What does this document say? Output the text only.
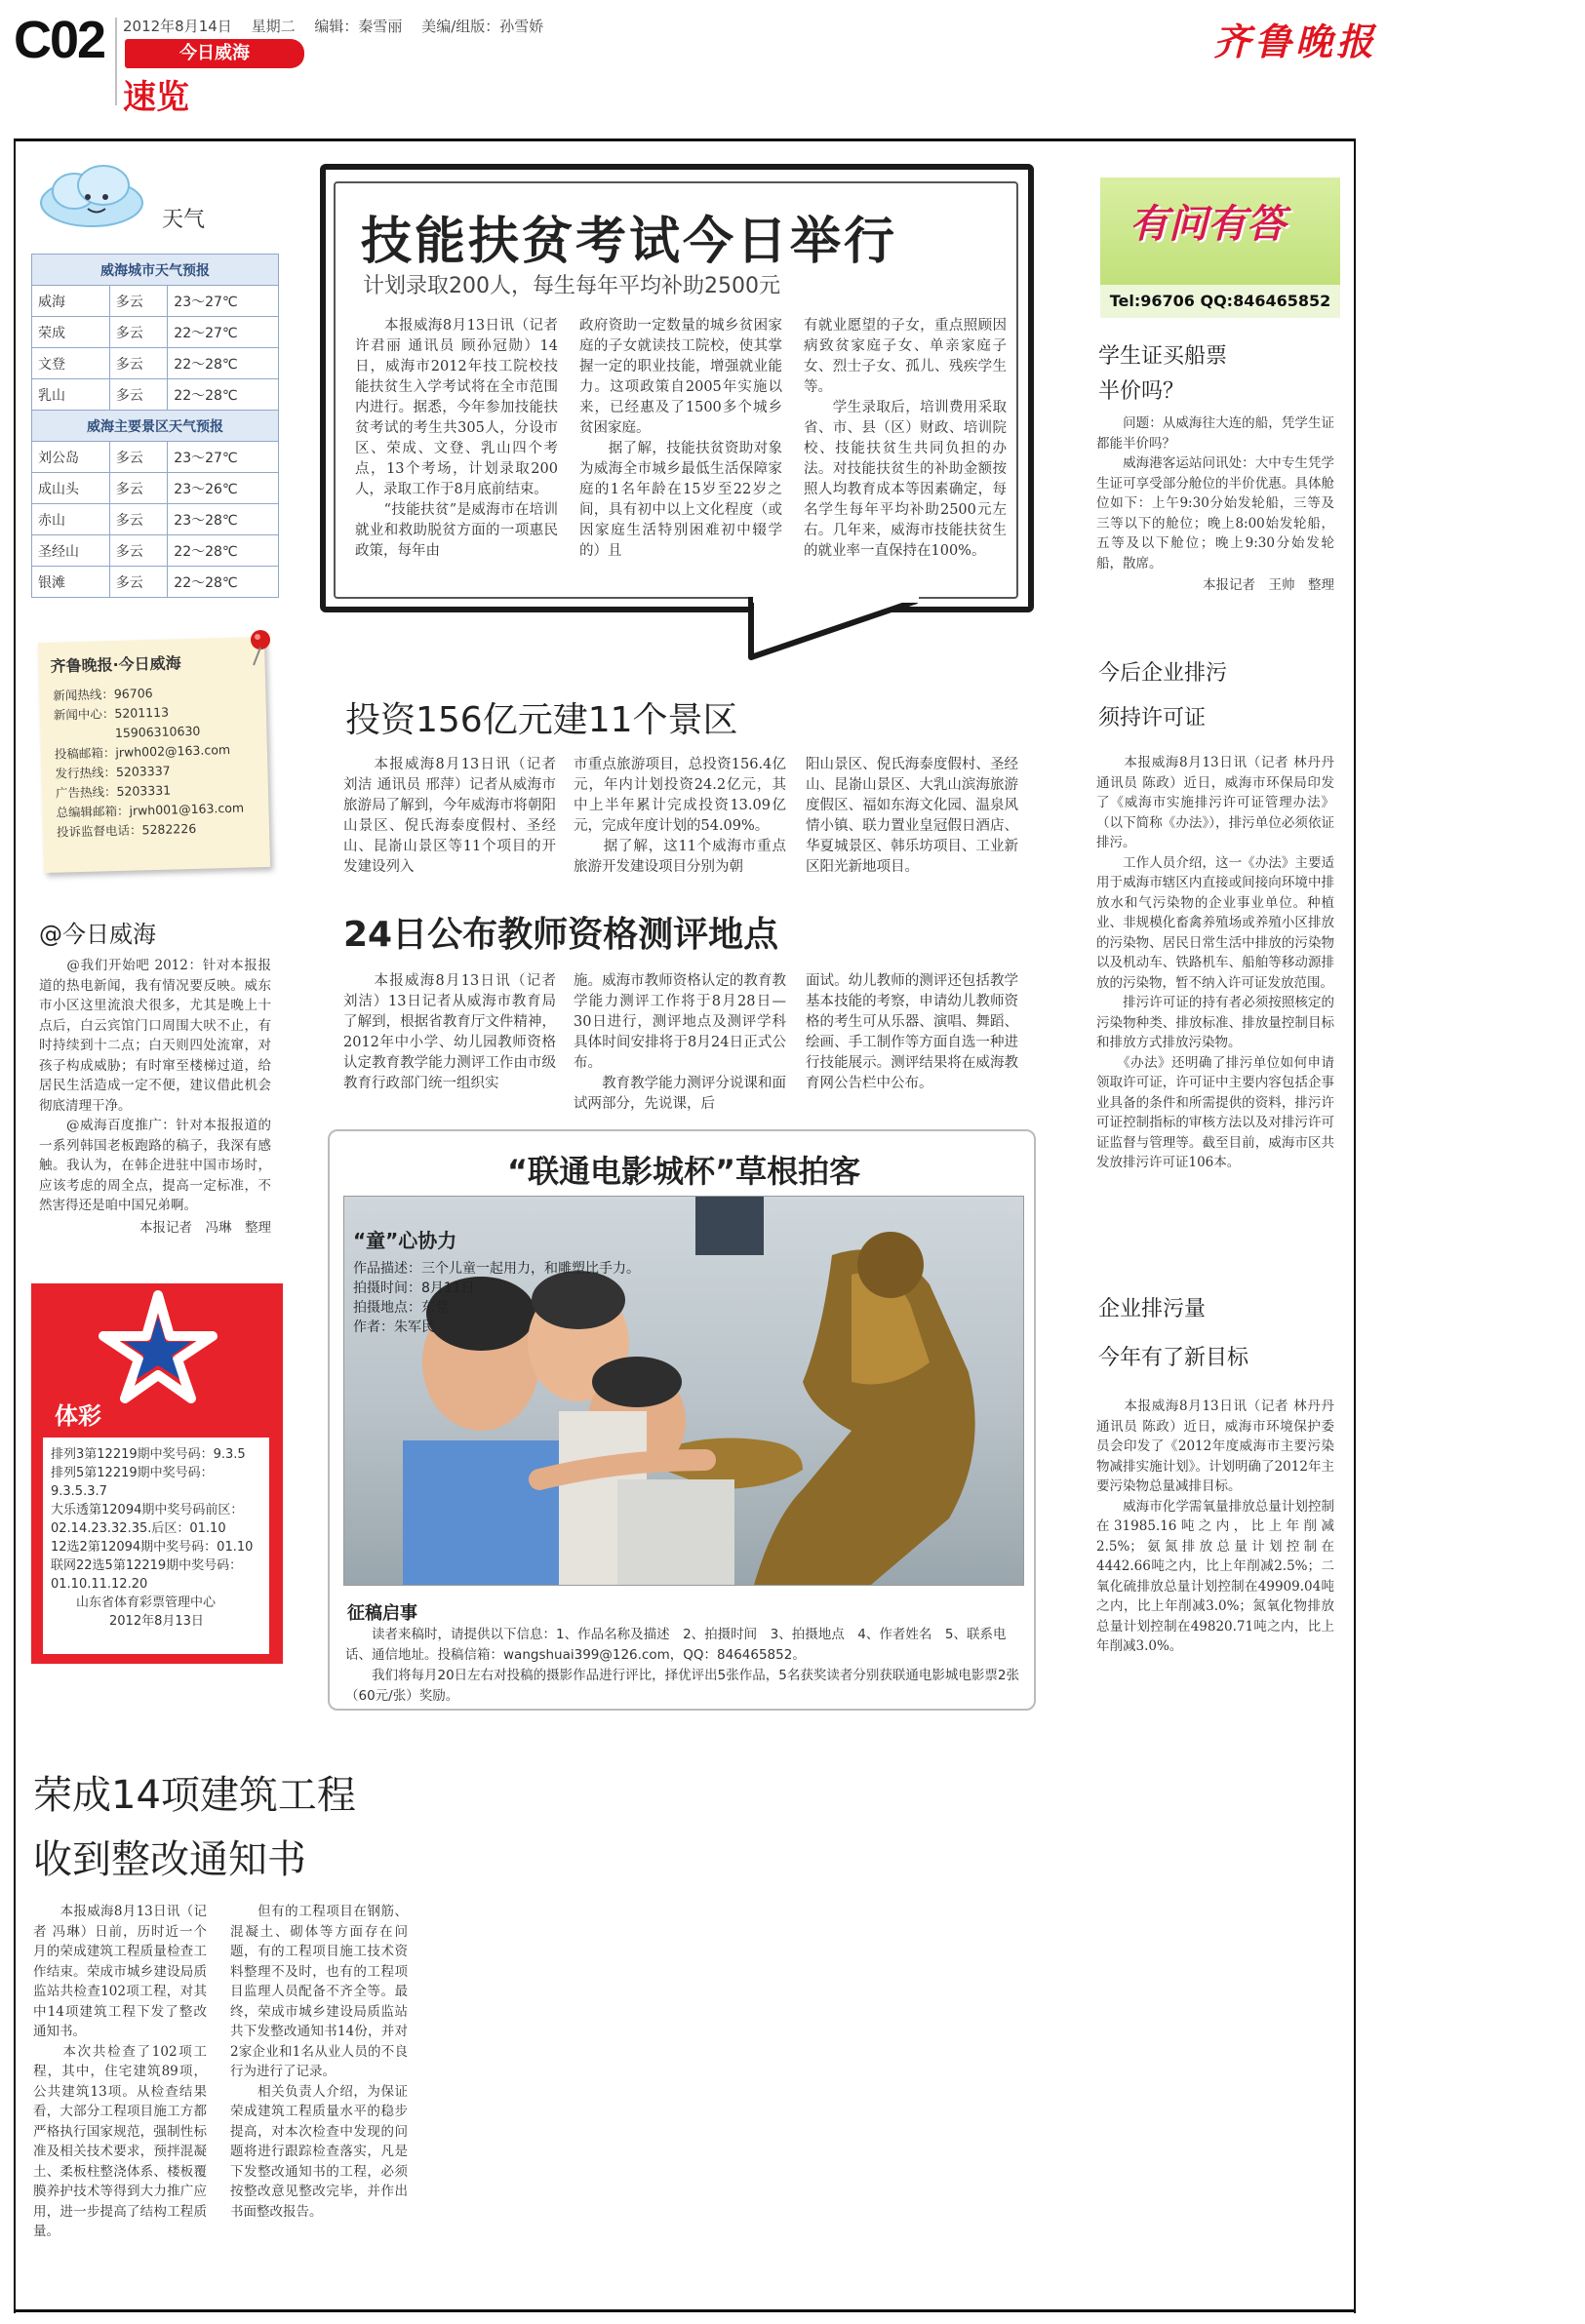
C02 2012年8月14日　 星期二　 编辑：秦雪丽　 美编/组版：孙雪娇
今日威海
速览
齐鲁晚报
天气
威海城市天气预报		
威海	多云	23～27℃
荣成	多云	22～27℃
文登	多云	22～28℃
乳山	多云	22～28℃
威海主要景区天气预报		
刘公岛	多云	23～27℃
成山头	多云	23～26℃
赤山	多云	23～28℃
圣经山	多云	22～28℃
银滩	多云	22～28℃
齐鲁晚报·今日威海
新闻热线：96706
新闻中心：5201113
　　　　　15906310630
投稿邮箱：jrwh002@163.com
发行热线：5203337
广告热线：5203331
总编辑邮箱：jrwh001@163.com
投诉监督电话：5282226
@今日威海
　　@我们开始吧 2012：针对本报报道的热电新闻，我有情况要反映。威东市小区这里流浪犬很多，尤其是晚上十点后，白云宾馆门口周围大吠不止，有时持续到十二点；白天则四处流窜，对孩子构成威胁；有时窜至楼梯过道，给居民生活造成一定不便，建议借此机会彻底清理干净。
　　@威海百度推广：针对本报报道的一系列韩国老板跑路的稿子，我深有感触。我认为，在韩企进驻中国市场时，应该考虑的周全点，提高一定标准，不然害得还是咱中国兄弟啊。
本报记者　冯琳　整理
体彩
排列3第12219期中奖号码：9.3.5
排列5第12219期中奖号码：9.3.5.3.7
大乐透第12094期中奖号码前区：02.14.23.32.35.后区：01.10
12选2第12094期中奖号码：01.10
联网22选5第12219期中奖号码：01.10.11.12.20
山东省体育彩票管理中心
2012年8月13日
技能扶贫考试今日举行
计划录取200人，每生每年平均补助2500元
　　本报威海8月13日讯（记者 许君丽 通讯员 顾孙冠勋）14日，威海市2012年技工院校技能扶贫生入学考试将在全市范围内进行。据悉，今年参加技能扶贫考试的考生共305人，分设市区、荣成、文登、乳山四个考点，13个考场，计划录取200人，录取工作于8月底前结束。
　　“技能扶贫”是威海市在培训就业和救助脱贫方面的一项惠民政策，每年由
政府资助一定数量的城乡贫困家庭的子女就读技工院校，使其掌握一定的职业技能，增强就业能力。这项政策自2005年实施以来，已经惠及了1500多个城乡贫困家庭。
　　据了解，技能扶贫资助对象为威海全市城乡最低生活保障家庭的1名年龄在15岁至22岁之间，具有初中以上文化程度（或因家庭生活特别困难初中辍学的）且
有就业愿望的子女，重点照顾因病致贫家庭子女、单亲家庭子女、烈士子女、孤儿、残疾学生等。
　　学生录取后，培训费用采取省、市、县（区）财政、培训院校、技能扶贫生共同负担的办法。对技能扶贫生的补助金额按照人均教育成本等因素确定，每名学生每年平均补助2500元左右。几年来，威海市技能扶贫生的就业率一直保持在100%。
投资156亿元建11个景区
　　本报威海8月13日讯（记者 刘洁 通讯员 邢萍）记者从威海市旅游局了解到，今年威海市将朝阳山景区、倪氏海泰度假村、圣经山、昆嵛山景区等11个项目的开发建设列入
市重点旅游项目，总投资156.4亿元，年内计划投资24.2亿元，其中上半年累计完成投资13.09亿元，完成年度计划的54.09%。
　　据了解，这11个威海市重点旅游开发建设项目分别为朝
阳山景区、倪氏海泰度假村、圣经山、昆嵛山景区、大乳山滨海旅游度假区、福如东海文化园、温泉风情小镇、联力置业皇冠假日酒店、华夏城景区、韩乐坊项目、工业新区阳光新地项目。
24日公布教师资格测评地点
　　本报威海8月13日讯（记者 刘洁）13日记者从威海市教育局了解到，根据省教育厅文件精神，2012年中小学、幼儿园教师资格认定教育教学能力测评工作由市级教育行政部门统一组织实
施。威海市教师资格认定的教育教学能力测评工作将于8月28日—30日进行，测评地点及测评学科具体时间安排将于8月24日正式公布。
　　教育教学能力测评分说课和面试两部分，先说课，后
面试。幼儿教师的测评还包括教学基本技能的考察，申请幼儿教师资格的考生可从乐器、演唱、舞蹈、绘画、手工制作等方面自选一种进行技能展示。测评结果将在威海教育网公告栏中公布。
“联通电影城杯”草根拍客
“童”心协力
作品描述：三个儿童一起用力，和雕塑比手力。
拍摄时间：8月11日
拍摄地点：东莞
作者：朱军民
征稿启事
　　读者来稿时，请提供以下信息：1、作品名称及描述　2、拍摄时间　3、拍摄地点　4、作者姓名　5、联系电话、通信地址。投稿信箱：wangshuai399@126.com，QQ：846465852。
　　我们将每月20日左右对投稿的摄影作品进行评比，择优评出5张作品，5名获奖读者分别获联通电影城电影票2张（60元/张）奖励。
有问有答
Tel:96706 QQ:846465852
学生证买船票
半价吗？
　　问题：从威海往大连的船，凭学生证都能半价吗？
　　威海港客运站问讯处：大中专生凭学生证可享受部分舱位的半价优惠。具体舱位如下：上午9:30分始发轮船，三等及三等以下的舱位；晚上8:00始发轮船，五等及以下舱位；晚上9:30分始发轮船，散席。
本报记者　王帅　整理
今后企业排污
须持许可证
　　本报威海8月13日讯（记者 林丹丹 通讯员 陈政）近日，威海市环保局印发了《威海市实施排污许可证管理办法》（以下简称《办法》），排污单位必须依证排污。
　　工作人员介绍，这一《办法》主要适用于威海市辖区内直接或间接向环境中排放水和气污染物的企业事业单位。种植业、非规模化畜禽养殖场或养殖小区排放的污染物、居民日常生活中排放的污染物以及机动车、铁路机车、船舶等移动源排放的污染物，暂不纳入许可证发放范围。
　　排污许可证的持有者必须按照核定的污染物种类、排放标准、排放量控制目标和排放方式排放污染物。
　　《办法》还明确了排污单位如何申请领取许可证，许可证中主要内容包括企事业具备的条件和所需提供的资料，排污许可证控制指标的审核方法以及对排污许可证监督与管理等。截至目前，威海市区共发放排污许可证106本。
企业排污量
今年有了新目标
　　本报威海8月13日讯（记者 林丹丹 通讯员 陈政）近日，威海市环境保护委员会印发了《2012年度威海市主要污染物减排实施计划》。计划明确了2012年主要污染物总量减排目标。
　　威海市化学需氧量排放总量计划控制在31985.16吨之内，比上年削减2.5%；氨氮排放总量计划控制在4442.66吨之内，比上年削减2.5%；二氧化硫排放总量计划控制在49909.04吨之内，比上年削减3.0%；氮氧化物排放总量计划控制在49820.71吨之内，比上年削减3.0%。
荣成14项建筑工程
收到整改通知书
　　本报威海8月13日讯（记者 冯琳）日前，历时近一个月的荣成建筑工程质量检查工作结束。荣成市城乡建设局质监站共检查102项工程，对其中14项建筑工程下发了整改通知书。
　　本次共检查了102项工程，其中，住宅建筑89项，公共建筑13项。从检查结果看，大部分工程项目施工方都严格执行国家规范，强制性标准及相关技术要求，预拌混凝土、柔板柱整浇体系、楼板覆膜养护技术等得到大力推广应用，进一步提高了结构工程质量。
　　但有的工程项目在钢筋、混凝土、砌体等方面存在问题，有的工程项目施工技术资料整理不及时，也有的工程项目监理人员配备不齐全等。最终，荣成市城乡建设局质监站共下发整改通知书14份，并对2家企业和1名从业人员的不良行为进行了记录。
　　相关负责人介绍，为保证荣成建筑工程质量水平的稳步提高，对本次检查中发现的问题将进行跟踪检查落实，凡是下发整改通知书的工程，必须按整改意见整改完毕，并作出书面整改报告。
